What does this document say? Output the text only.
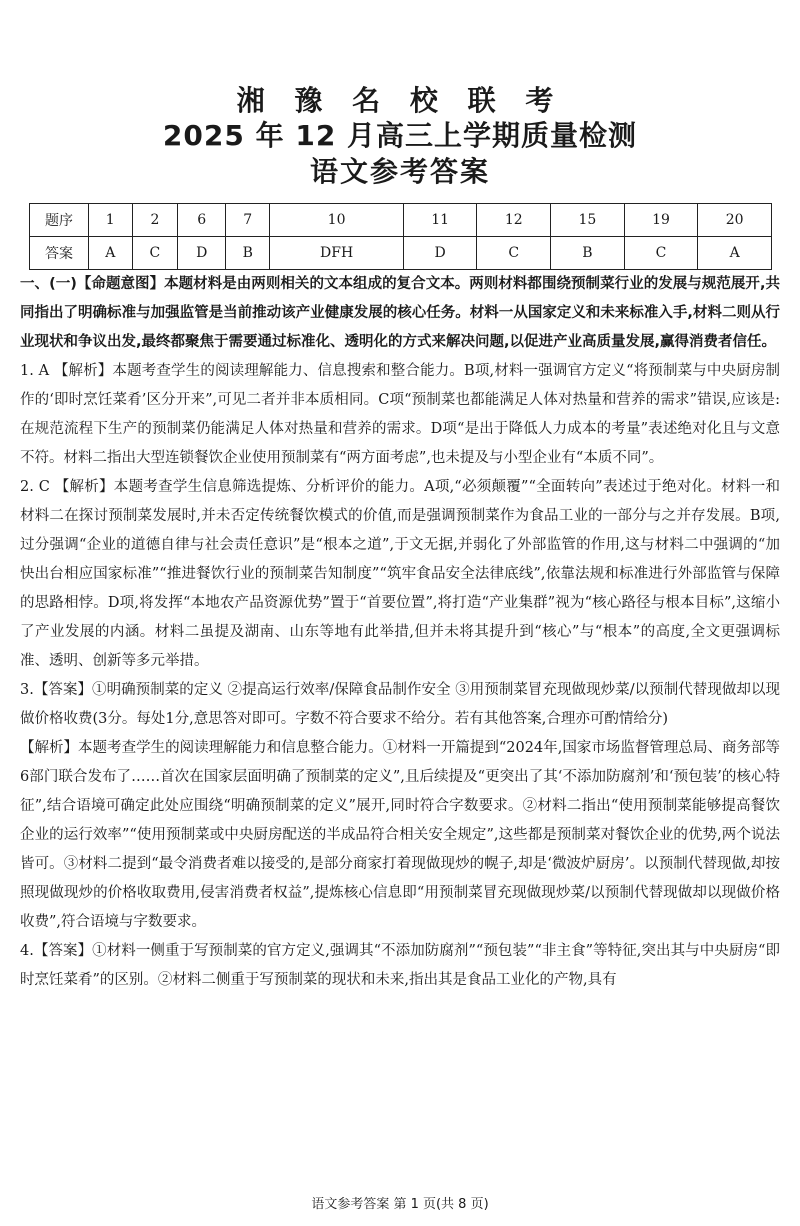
湘 豫 名 校 联 考
2025 年 12 月高三上学期质量检测
语文参考答案
题序	1	2	6	7	10	11	12	15	19	20
答案	A	C	D	B	DFH	D	C	B	C	A

一、(一)【命题意图】本题材料是由两则相关的文本组成的复合文本。两则材料都围绕预制菜行业的发展与规范展开,共同指出了明确标准与加强监管是当前推动该产业健康发展的核心任务。材料一从国家定义和未来标准入手,材料二则从行业现状和争议出发,最终都聚焦于需要通过标准化、透明化的方式来解决问题,以促进产业高质量发展,赢得消费者信任。

1. A 【解析】本题考查学生的阅读理解能力、信息搜索和整合能力。B项,材料一强调官方定义“将预制菜与中央厨房制作的‘即时烹饪菜肴’区分开来”,可见二者并非本质相同。C项“预制菜也都能满足人体对热量和营养的需求”错误,应该是:在规范流程下生产的预制菜仍能满足人体对热量和营养的需求。D项“是出于降低人力成本的考量”表述绝对化且与文意不符。材料二指出大型连锁餐饮企业使用预制菜有“两方面考虑”,也未提及与小型企业有“本质不同”。

2. C 【解析】本题考查学生信息筛选提炼、分析评价的能力。A项,“必须颠覆”“全面转向”表述过于绝对化。材料一和材料二在探讨预制菜发展时,并未否定传统餐饮模式的价值,而是强调预制菜作为食品工业的一部分与之并存发展。B项,过分强调“企业的道德自律与社会责任意识”是“根本之道”,于文无据,并弱化了外部监管的作用,这与材料二中强调的“加快出台相应国家标准”“推进餐饮行业的预制菜告知制度”“筑牢食品安全法律底线”,依靠法规和标准进行外部监管与保障的思路相悖。D项,将发挥“本地农产品资源优势”置于“首要位置”,将打造“产业集群”视为“核心路径与根本目标”,这缩小了产业发展的内涵。材料二虽提及湖南、山东等地有此举措,但并未将其提升到“核心”与“根本”的高度,全文更强调标准、透明、创新等多元举措。

3.【答案】①明确预制菜的定义 ②提高运行效率/保障食品制作安全 ③用预制菜冒充现做现炒菜/以预制代替现做却以现做价格收费(3分。每处1分,意思答对即可。字数不符合要求不给分。若有其他答案,合理亦可酌情给分)

【解析】本题考查学生的阅读理解能力和信息整合能力。①材料一开篇提到“2024年,国家市场监督管理总局、商务部等6部门联合发布了……首次在国家层面明确了预制菜的定义”,且后续提及“更突出了其‘不添加防腐剂’和‘预包装’的核心特征”,结合语境可确定此处应围绕“明确预制菜的定义”展开,同时符合字数要求。②材料二指出“使用预制菜能够提高餐饮企业的运行效率”“使用预制菜或中央厨房配送的半成品符合相关安全规定”,这些都是预制菜对餐饮企业的优势,两个说法皆可。③材料二提到“最令消费者难以接受的,是部分商家打着现做现炒的幌子,却是‘微波炉厨房’。以预制代替现做,却按照现做现炒的价格收取费用,侵害消费者权益”,提炼核心信息即“用预制菜冒充现做现炒菜/以预制代替现做却以现做价格收费”,符合语境与字数要求。

4.【答案】①材料一侧重于写预制菜的官方定义,强调其“不添加防腐剂”“预包装”“非主食”等特征,突出其与中央厨房“即时烹饪菜肴”的区别。②材料二侧重于写预制菜的现状和未来,指出其是食品工业化的产物,具有

语文参考答案 第 1 页(共 8 页)
